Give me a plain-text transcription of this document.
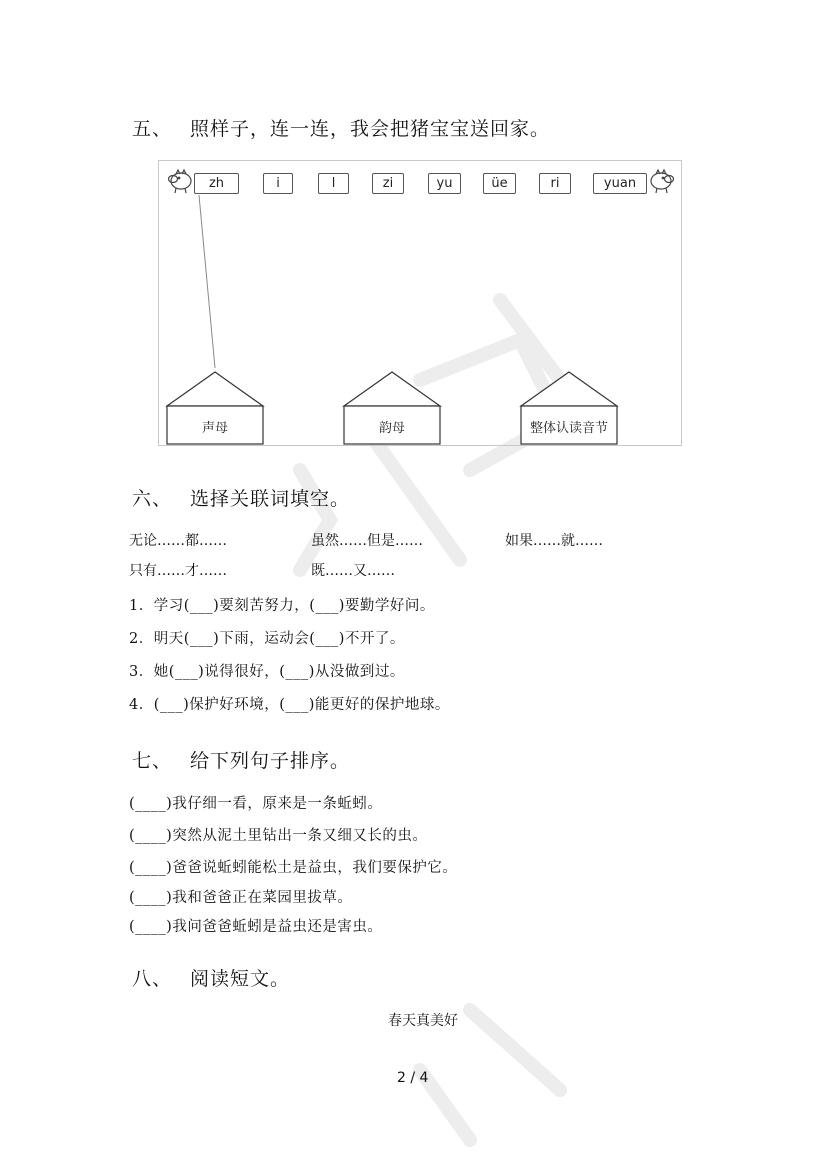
五、 照样子，连一连，我会把猪宝宝送回家。
zh	i	l	zi	yu	üe	ri	yuan
声母	韵母	整体认读音节
六、 选择关联词填空。
无论……都……	虽然……但是……	如果……就……
只有……才……	既……又……
1．学习(___)要刻苦努力，(___)要勤学好问。
2．明天(___)下雨，运动会(___)不开了。
3．她(___)说得很好，(___)从没做到过。
4．(___)保护好环境，(___)能更好的保护地球。
七、 给下列句子排序。
(____)我仔细一看，原来是一条蚯蚓。
(____)突然从泥土里钻出一条又细又长的虫。
(____)爸爸说蚯蚓能松土是益虫，我们要保护它。
(____)我和爸爸正在菜园里拔草。
(____)我问爸爸蚯蚓是益虫还是害虫。
八、 阅读短文。
春天真美好
2 / 4
